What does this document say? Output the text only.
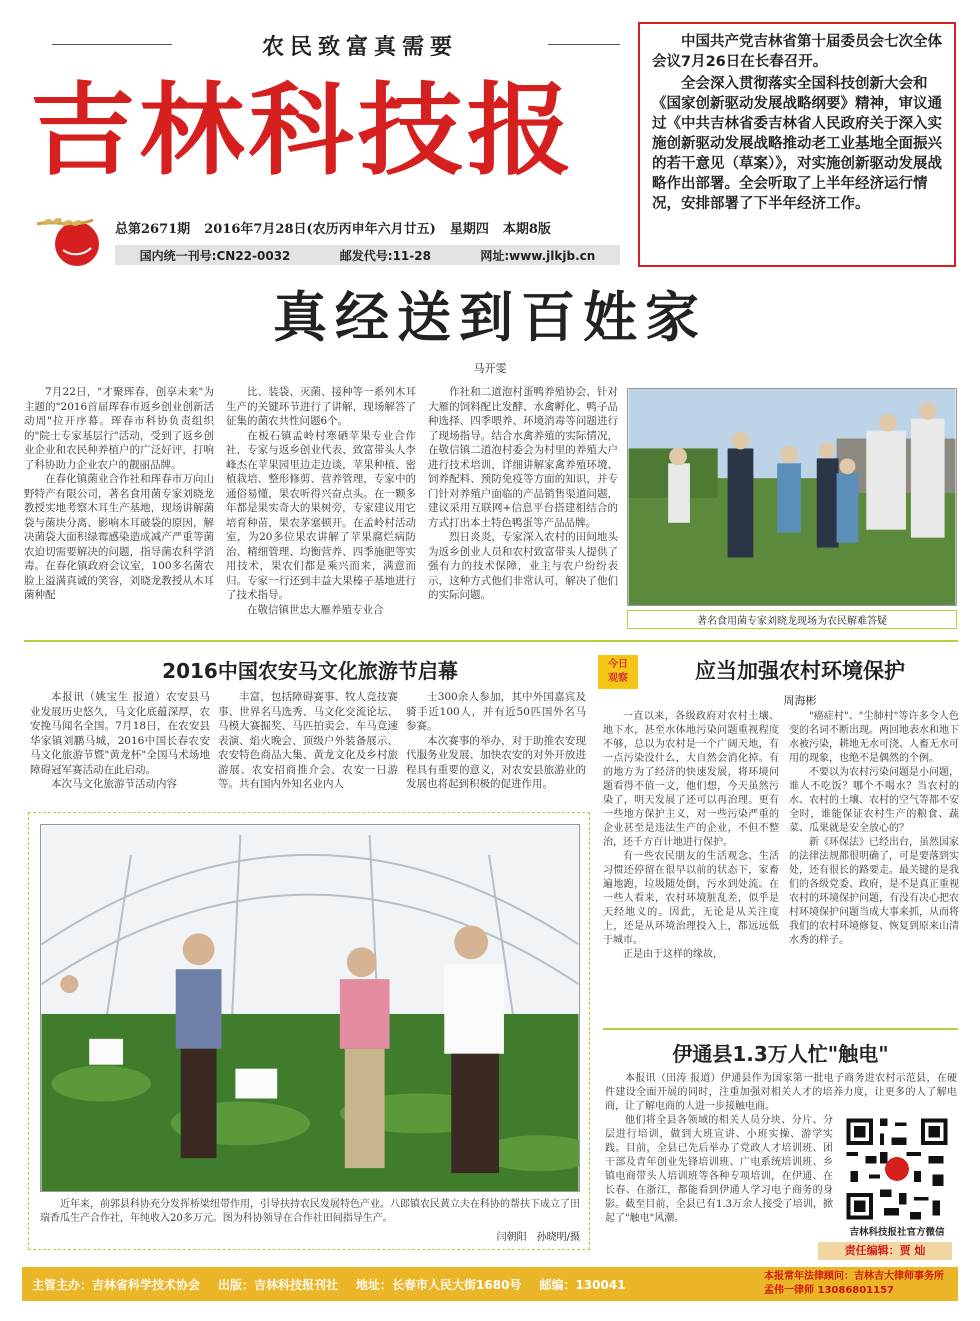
农民致富真需要
吉林科技报
总第2671期 2016年7月28日(农历丙申年六月廿五) 星期四 本期8版
国内统一刊号:CN22-0032	邮发代号:11-28	网址:www.jlkjb.cn

中国共产党吉林省第十届委员会七次全体会议7月26日在长春召开。

全会深入贯彻落实全国科技创新大会和《国家创新驱动发展战略纲要》精神，审议通过《中共吉林省委吉林省人民政府关于深入实施创新驱动发展战略推动老工业基地全面振兴的若干意见（草案）》，对实施创新驱动发展战略作出部署。全会听取了上半年经济运行情况，安排部署了下半年经济工作。

真经送到百姓家
马开雯

7月22日，"才聚珲春，创享未来"为主题的"2016首届珲春市返乡创业创新活动周"拉开序幕。珲春市科协负责组织的"院士专家基层行"活动，受到了返乡创业企业和农民种养植户的广泛好评，打响了科协助力企业农户的靓丽品牌。

在春化镇菌业合作社和珲春市万向山野特产有限公司，著名食用菌专家刘晓龙教授实地考察木耳生产基地，现场讲解菌袋与菌块分离、影响木耳破袋的原因，解决菌袋大面积绿霉感染造成减产严重等菌农迫切需要解决的问题，指导菌农科学消毒。在春化镇政府会议室，100多名菌农脸上溢满真诚的笑容，刘晓龙教授从木耳菌种配

比、装袋、灭菌、接种等一系列木耳生产的关键环节进行了讲解，现场解答了征集的菌农共性问题6个。

在板石镇孟岭村寒硒苹果专业合作社，专家与返乡创业代表、致富带头人李峰杰在苹果园里边走边谈，苹果种植、密植栽培、整形修剪、营养管理，专家中的通俗易懂，果农听得兴奋点头。在一颗多年都是果实奇大的果树旁，专家建议用它培育种苗，果农茅塞顿开。在孟岭村活动室，为20多位果农讲解了苹果腐烂病防治、精细管理、均衡营养、四季施肥等实用技术，果农们都是乘兴而来，满意而归。专家一行还到丰益大果榛子基地进行了技术指导。

在敬信镇世忠大雁养殖专业合

作社和二道泡村蛋鸭养殖协会，针对大雁的饲料配比发酵、水禽孵化、鸭子品种选择、四季喂养、环境消毒等问题进行了现场指导。结合水禽养殖的实际情况，在敬信镇二道泡村委会为村里的养殖大户进行技术培训，详细讲解家禽养殖环境、饲养配料、预防免疫等方面的知识，并专门针对养殖户面临的产品销售渠道问题，建议采用互联网+信息平台搭建相结合的方式打出本土特色鸭蛋等产品品牌。

烈日炎炎，专家深入农村的田间地头为返乡创业人员和农村致富带头人提供了强有力的技术保障，业主与农户纷纷表示，这种方式他们非常认可，解决了他们的实际问题。

著名食用菌专家刘晓龙现场为农民解难答疑
2016中国农安马文化旅游节启幕

本报讯（姚宝生 报道）农安县马业发展历史悠久，马文化底蕴深厚，农安挽马闻名全国。7月18日，在农安县华家镇刘鹏马城，2016中国长春农安马文化旅游节暨"黄龙杯"全国马术场地障碍冠军赛活动在此启动。

本次马文化旅游节活动内容

丰富，包括障碍赛事、牧人竞技赛事、世界名马选秀、马文化交流论坛、马模大赛掘奖、马匹拍卖会、车马竞速表演、焰火晚会、顶级户外装备展示、农安特色商品大集、黄龙文化及乡村旅游展、农安招商推介会、农安一日游等。共有国内外知名业内人

士300余人参加，其中外国嘉宾及骑手近100人，并有近50匹国外名马参赛。

本次赛事的举办，对于助推农安现代服务业发展、加快农安的对外开放进程具有重要的意义，对农安县旅游业的发展也将起到积极的促进作用。

近年来，前郭县科协充分发挥桥梁纽带作用，引导扶持农民发展特色产业。八郎镇农民黄立夫在科协的帮扶下成立了田瑞香瓜生产合作社，年纯收入20多万元。图为科协领导在合作社田间指导生产。
闫朝阳　孙晓明/摄
今日
观察	应当加强农村环境保护
周海彬

一直以来，各级政府对农村土壤、地下水，甚至水体地污染问题重视程度不够，总以为农村是一个广阔天地，有一点污染没什么，大自然会消化掉。有的地方为了经济的快速发展，将环境问题看得不值一文，他们想，今天虽然污染了，明天发展了还可以再治理。更有一些地方保护主义，对一些污染严重的企业甚至是违法生产的企业，不但不整治，还千方百计地进行保护。

有一些农民朋友的生活观念、生活习惯还停留在很早以前的状态下，家畜遍地跑，垃圾随处倒，污水到处流。在一些人看来，农村环境脏乱差，似乎是天经地义的。因此，无论是从关注度上，还是从环境治理投入上，都远远低于城市。

正是由于这样的缘故，

"癌症村"、"尘肺村"等许多令人色变的名词不断出现。两回地表水和地下水被污染，耕地无水可浇、人畜无水可用的现象，也绝不是偶然的个例。

不要以为农村污染问题是小问题，谁人不吃饭？哪个不喝水？当农村的水、农村的土壤、农村的空气等都不安全时，谁能保证农村生产的粮食、蔬菜、瓜果就是安全放心的？

新《环保法》已经出台，虽然国家的法律法规都很明确了，可是要落到实处，还有很长的路要走。最关键的是我们的各级党委、政府，是不是真正重视农村的环境保护问题，有没有决心把农村环境保护问题当成大事来抓，从而将我们的农村环境修复、恢复到原来山清水秀的样子。

伊通县1.3万人忙"触电"

本报讯（田涛 报道）伊通县作为国家第一批电子商务进农村示范县，在硬件建设全面开展的同时，注重加强对相关人才的培养力度，让更多的人了解电商，让了解电商的人进一步接触电商。

他们将全县各领域的相关人员分块、分片、分层进行培训，做到大班宣讲、小班实操、游学实践。目前，全县已先后举办了党政人才培训班、团干部及青年创业先锋培训班、广电系统培训班、乡镇电商带头人培训班等各种专项培训，在伊通、在长春、在浙江，都能看到伊通人学习电子商务的身影。截至目前，全县已有1.3万余人接受了培训，掀起了"触电"风潮。

吉林科技报社官方微信
责任编辑：贾 灿
主管主办：吉林省科学技术协会 出版：吉林科技报刊社 地址：长春市人民大街1680号 邮编：130041
本报常年法律顾问：吉林吉大律师事务所
孟伟一律师 13086801157
